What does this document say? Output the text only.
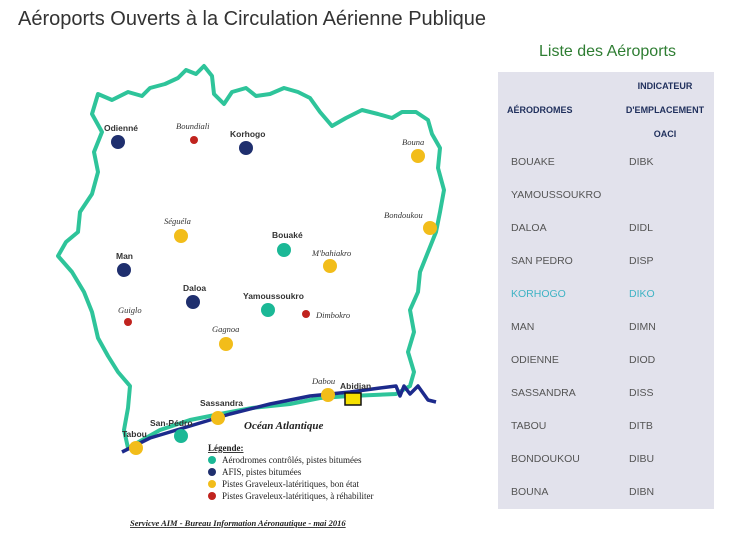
Aéroports Ouverts à la Circulation Aérienne Publique
Odienné	Boundiali
Korhogo
Bouna
Bondoukou
Séguéla
Bouaké
M'bahiakro
Man
Daloa
Yamoussoukro
Guiglo	Dimbokro
Gagnoa
Dabou Abidjan
Sassandra
San-Pédro
Tabou
Océan Atlantique
Légende:
Aérodromes contrôlés, pistes bitumées
AFIS, pistes bitumées
Pistes Graveleux-latéritiques, bon état
Pistes Graveleux-latéritiques, à réhabiliter
Servicve AIM - Bureau Information Aéronautique - mai 2016
Liste des Aéroports
AÉRODROMES
INDICATEUR
D'EMPLACEMENT
OACI
BOUAKE	DIBK
YAMOUSSOUKRO
DALOA	DIDL
SAN PEDRO	DISP
KORHOGO	DIKO
MAN	DIMN
ODIENNE	DIOD
SASSANDRA	DISS
TABOU	DITB
BONDOUKOU	DIBU
BOUNA	DIBN
